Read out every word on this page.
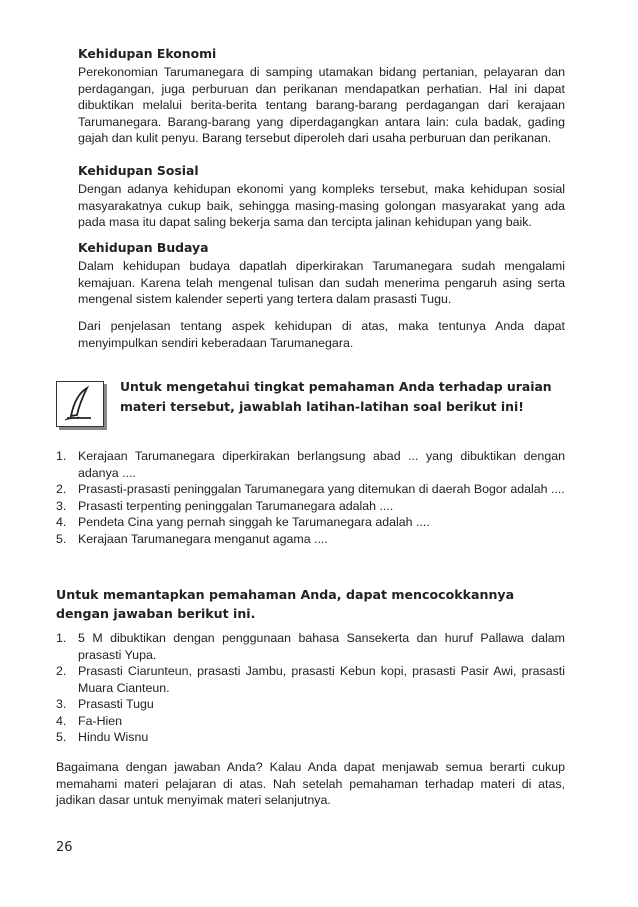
Kehidupan Ekonomi

Perekonomian Tarumanegara di samping utamakan bidang pertanian, pelayaran dan perdagangan, juga perburuan dan perikanan mendapatkan perhatian. Hal ini dapat dibuktikan melalui berita-berita tentang barang-barang perdagangan dari kerajaan Tarumanegara. Barang-barang yang diperdagangkan antara lain: cula badak, gading gajah dan kulit penyu. Barang tersebut diperoleh dari usaha perburuan dan perikanan.

Kehidupan Sosial

Dengan adanya kehidupan ekonomi yang kompleks tersebut, maka kehidupan sosial masyarakatnya cukup baik, sehingga masing-masing golongan masyarakat yang ada pada masa itu dapat saling bekerja sama dan tercipta jalinan kehidupan yang baik.

Kehidupan Budaya

Dalam kehidupan budaya dapatlah diperkirakan Tarumanegara sudah mengalami kemajuan. Karena telah mengenal tulisan dan sudah menerima pengaruh asing serta mengenal sistem kalender seperti yang tertera dalam prasasti Tugu.

Dari penjelasan tentang aspek kehidupan di atas, maka tentunya Anda dapat menyimpulkan sendiri keberadaan Tarumanegara.

Untuk mengetahui tingkat pemahaman Anda terhadap uraian materi tersebut, jawablah latihan-latihan soal berikut ini!
1. Kerajaan Tarumanegara diperkirakan berlangsung abad ... yang dibuktikan dengan adanya ....
2. Prasasti-prasasti peninggalan Tarumanegara yang ditemukan di daerah Bogor adalah ....
3. Prasasti terpenting peninggalan Tarumanegara adalah ....
4. Pendeta Cina yang pernah singgah ke Tarumanegara adalah ....
5. Kerajaan Tarumanegara menganut agama ....
Untuk memantapkan pemahaman Anda, dapat mencocokkannya dengan jawaban berikut ini.
1. 5 M dibuktikan dengan penggunaan bahasa Sansekerta dan huruf Pallawa dalam prasasti Yupa.
2. Prasasti Ciarunteun, prasasti Jambu, prasasti Kebun kopi, prasasti Pasir Awi, prasasti Muara Cianteun.
3. Prasasti Tugu
4. Fa-Hien
5. Hindu Wisnu

Bagaimana dengan jawaban Anda? Kalau Anda dapat menjawab semua berarti cukup memahami materi pelajaran di atas. Nah setelah pemahaman terhadap materi di atas, jadikan dasar untuk menyimak materi selanjutnya.

26
